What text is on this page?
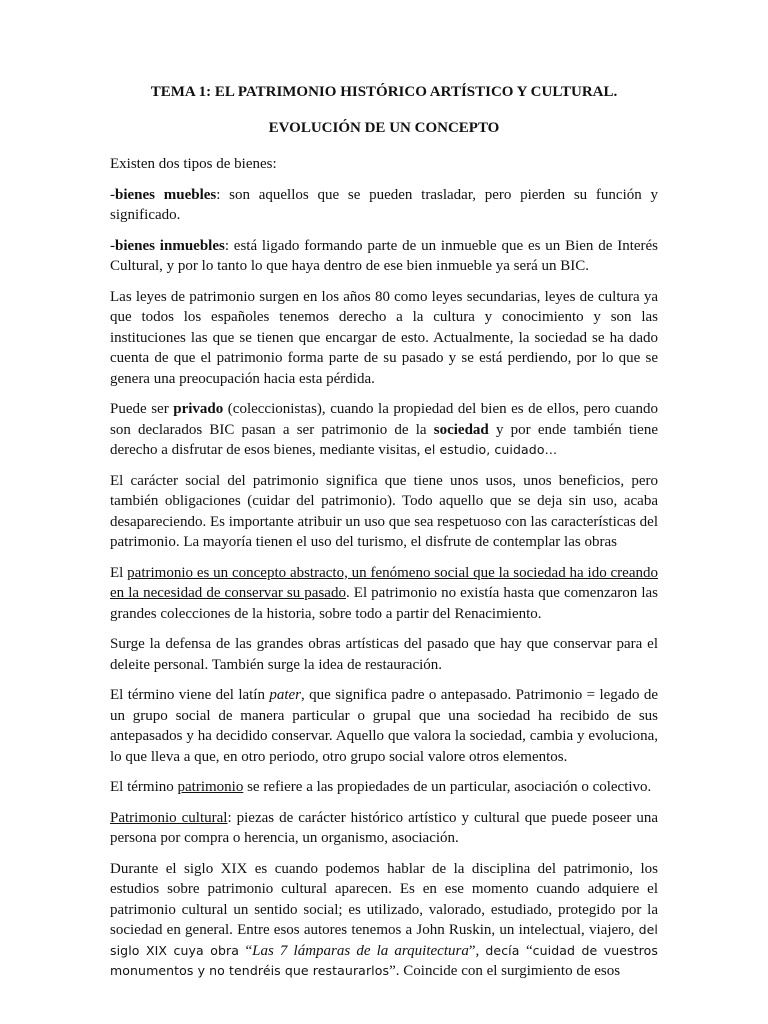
TEMA 1: EL PATRIMONIO HISTÓRICO ARTÍSTICO Y CULTURAL.
EVOLUCIÓN DE UN CONCEPTO

Existen dos tipos de bienes:

-bienes muebles: son aquellos que se pueden trasladar, pero pierden su función y significado.

-bienes inmuebles: está ligado formando parte de un inmueble que es un Bien de Interés Cultural, y por lo tanto lo que haya dentro de ese bien inmueble ya será un BIC.

Las leyes de patrimonio surgen en los años 80 como leyes secundarias, leyes de cultura ya que todos los españoles tenemos derecho a la cultura y conocimiento y son las instituciones las que se tienen que encargar de esto. Actualmente, la sociedad se ha dado cuenta de que el patrimonio forma parte de su pasado y se está perdiendo, por lo que se genera una preocupación hacia esta pérdida.

Puede ser privado (coleccionistas), cuando la propiedad del bien es de ellos, pero cuando son declarados BIC pasan a ser patrimonio de la sociedad y por ende también tiene derecho a disfrutar de esos bienes, mediante visitas, el estudio, cuidado…

El carácter social del patrimonio significa que tiene unos usos, unos beneficios, pero también obligaciones (cuidar del patrimonio). Todo aquello que se deja sin uso, acaba desapareciendo. Es importante atribuir un uso que sea respetuoso con las características del patrimonio. La mayoría tienen el uso del turismo, el disfrute de contemplar las obras

El patrimonio es un concepto abstracto, un fenómeno social que la sociedad ha ido creando en la necesidad de conservar su pasado. El patrimonio no existía hasta que comenzaron las grandes colecciones de la historia, sobre todo a partir del Renacimiento.

Surge la defensa de las grandes obras artísticas del pasado que hay que conservar para el deleite personal. También surge la idea de restauración.

El término viene del latín pater, que significa padre o antepasado. Patrimonio = legado de un grupo social de manera particular o grupal que una sociedad ha recibido de sus antepasados y ha decidido conservar. Aquello que valora la sociedad, cambia y evoluciona, lo que lleva a que, en otro periodo, otro grupo social valore otros elementos.

El término patrimonio se refiere a las propiedades de un particular, asociación o colectivo.

Patrimonio cultural: piezas de carácter histórico artístico y cultural que puede poseer una persona por compra o herencia, un organismo, asociación.

Durante el siglo XIX es cuando podemos hablar de la disciplina del patrimonio, los estudios sobre patrimonio cultural aparecen. Es en ese momento cuando adquiere el patrimonio cultural un sentido social; es utilizado, valorado, estudiado, protegido por la sociedad en general. Entre esos autores tenemos a John Ruskin, un intelectual, viajero, del siglo XIX cuya obra “Las 7 lámparas de la arquitectura”, decía “cuidad de vuestros monumentos y no tendréis que restaurarlos”. Coincide con el surgimiento de esos
